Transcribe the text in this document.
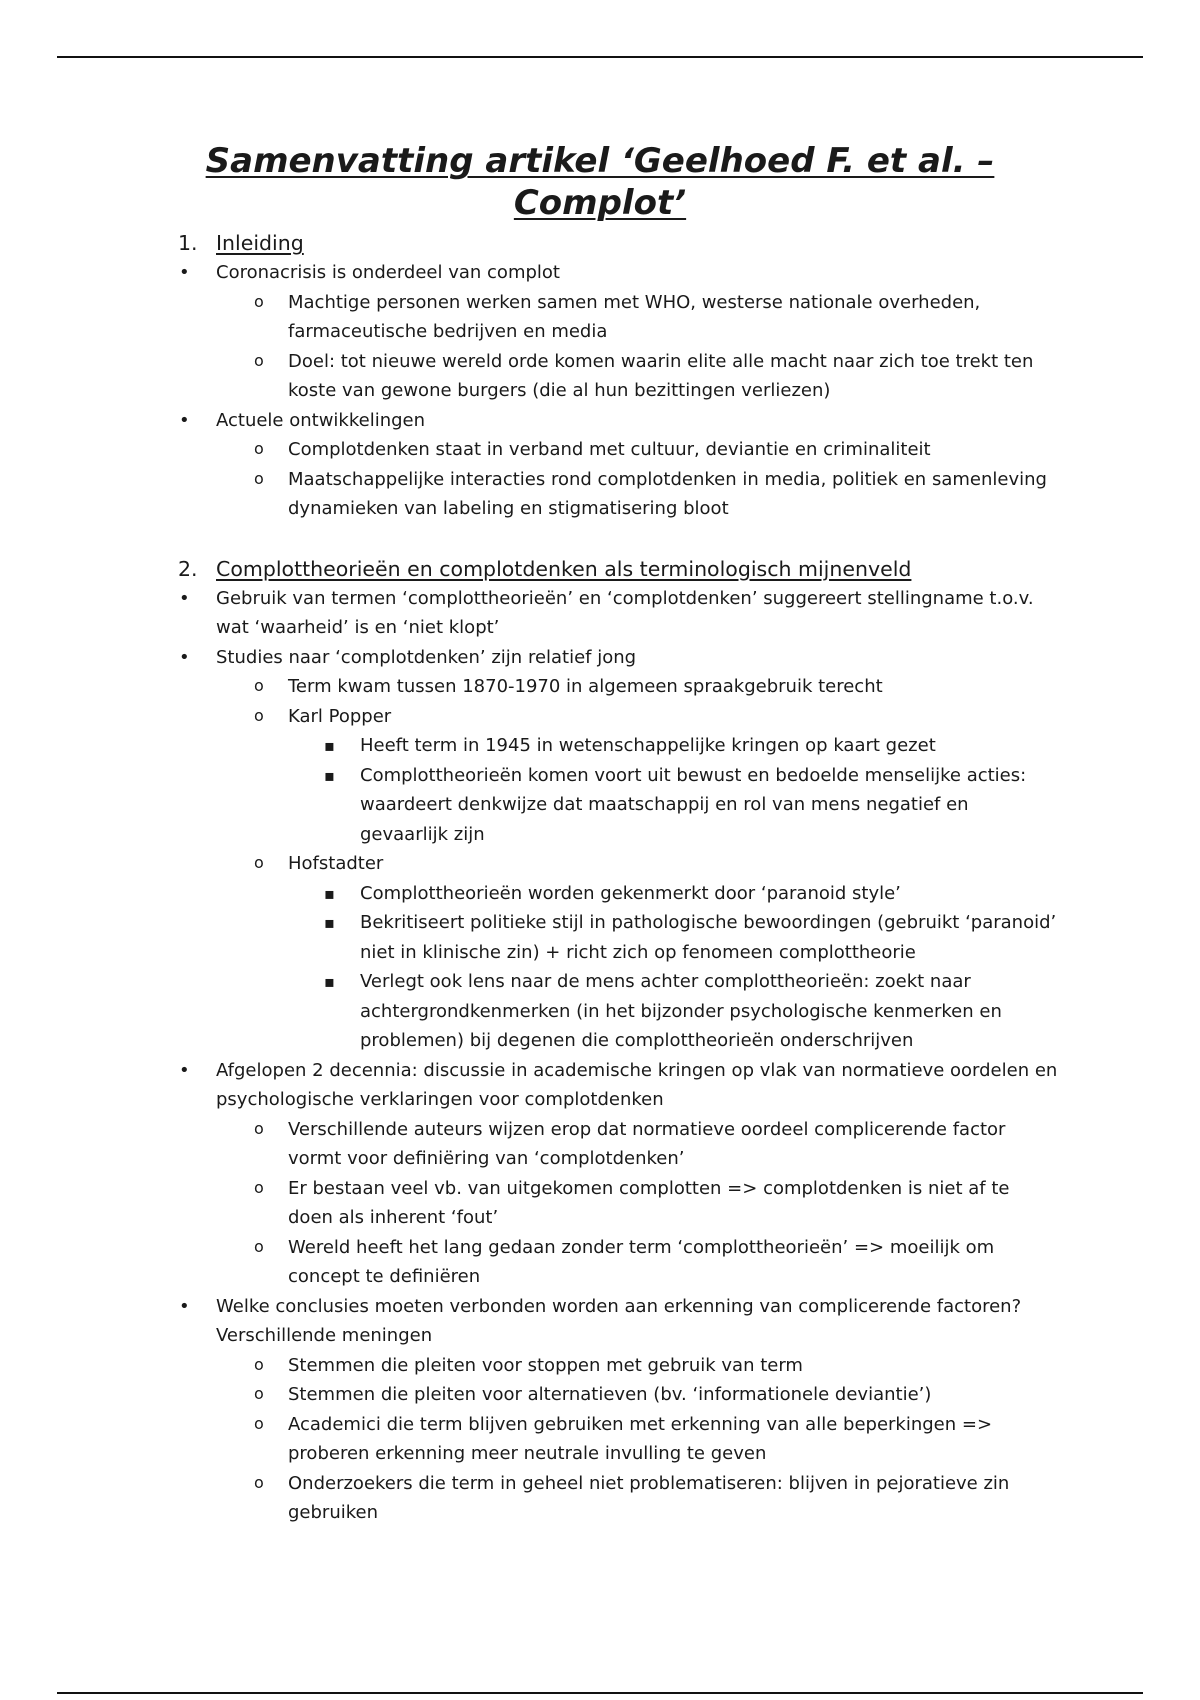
Samenvatting artikel ‘Geelhoed F. et al. – Complot’
1. Inleiding
• Coronacrisis is onderdeel van complot
o Machtige personen werken samen met WHO, westerse nationale overheden, farmaceutische bedrijven en media
o Doel: tot nieuwe wereld orde komen waarin elite alle macht naar zich toe trekt ten koste van gewone burgers (die al hun bezittingen verliezen)
• Actuele ontwikkelingen
o Complotdenken staat in verband met cultuur, deviantie en criminaliteit
o Maatschappelijke interacties rond complotdenken in media, politiek en samenleving dynamieken van labeling en stigmatisering bloot
2. Complottheorieën en complotdenken als terminologisch mijnenveld
• Gebruik van termen ‘complottheorieën’ en ‘complotdenken’ suggereert stellingname t.o.v. wat ‘waarheid’ is en ‘niet klopt’
• Studies naar ‘complotdenken’ zijn relatief jong
o Term kwam tussen 1870-1970 in algemeen spraakgebruik terecht
o Karl Popper
▪ Heeft term in 1945 in wetenschappelijke kringen op kaart gezet
▪ Complottheorieën komen voort uit bewust en bedoelde menselijke acties: waardeert denkwijze dat maatschappij en rol van mens negatief en gevaarlijk zijn
o Hofstadter
▪ Complottheorieën worden gekenmerkt door ‘paranoid style’
▪ Bekritiseert politieke stijl in pathologische bewoordingen (gebruikt ‘paranoid’ niet in klinische zin) + richt zich op fenomeen complottheorie
▪ Verlegt ook lens naar de mens achter complottheorieën: zoekt naar achtergrondkenmerken (in het bijzonder psychologische kenmerken en problemen) bij degenen die complottheorieën onderschrijven
• Afgelopen 2 decennia: discussie in academische kringen op vlak van normatieve oordelen en psychologische verklaringen voor complotdenken
o Verschillende auteurs wijzen erop dat normatieve oordeel complicerende factor vormt voor definiëring van ‘complotdenken’
o Er bestaan veel vb. van uitgekomen complotten => complotdenken is niet af te doen als inherent ‘fout’
o Wereld heeft het lang gedaan zonder term ‘complottheorieën’ => moeilijk om concept te definiëren
• Welke conclusies moeten verbonden worden aan erkenning van complicerende factoren? Verschillende meningen
o Stemmen die pleiten voor stoppen met gebruik van term
o Stemmen die pleiten voor alternatieven (bv. ‘informationele deviantie’)
o Academici die term blijven gebruiken met erkenning van alle beperkingen => proberen erkenning meer neutrale invulling te geven
o Onderzoekers die term in geheel niet problematiseren: blijven in pejoratieve zin gebruiken
